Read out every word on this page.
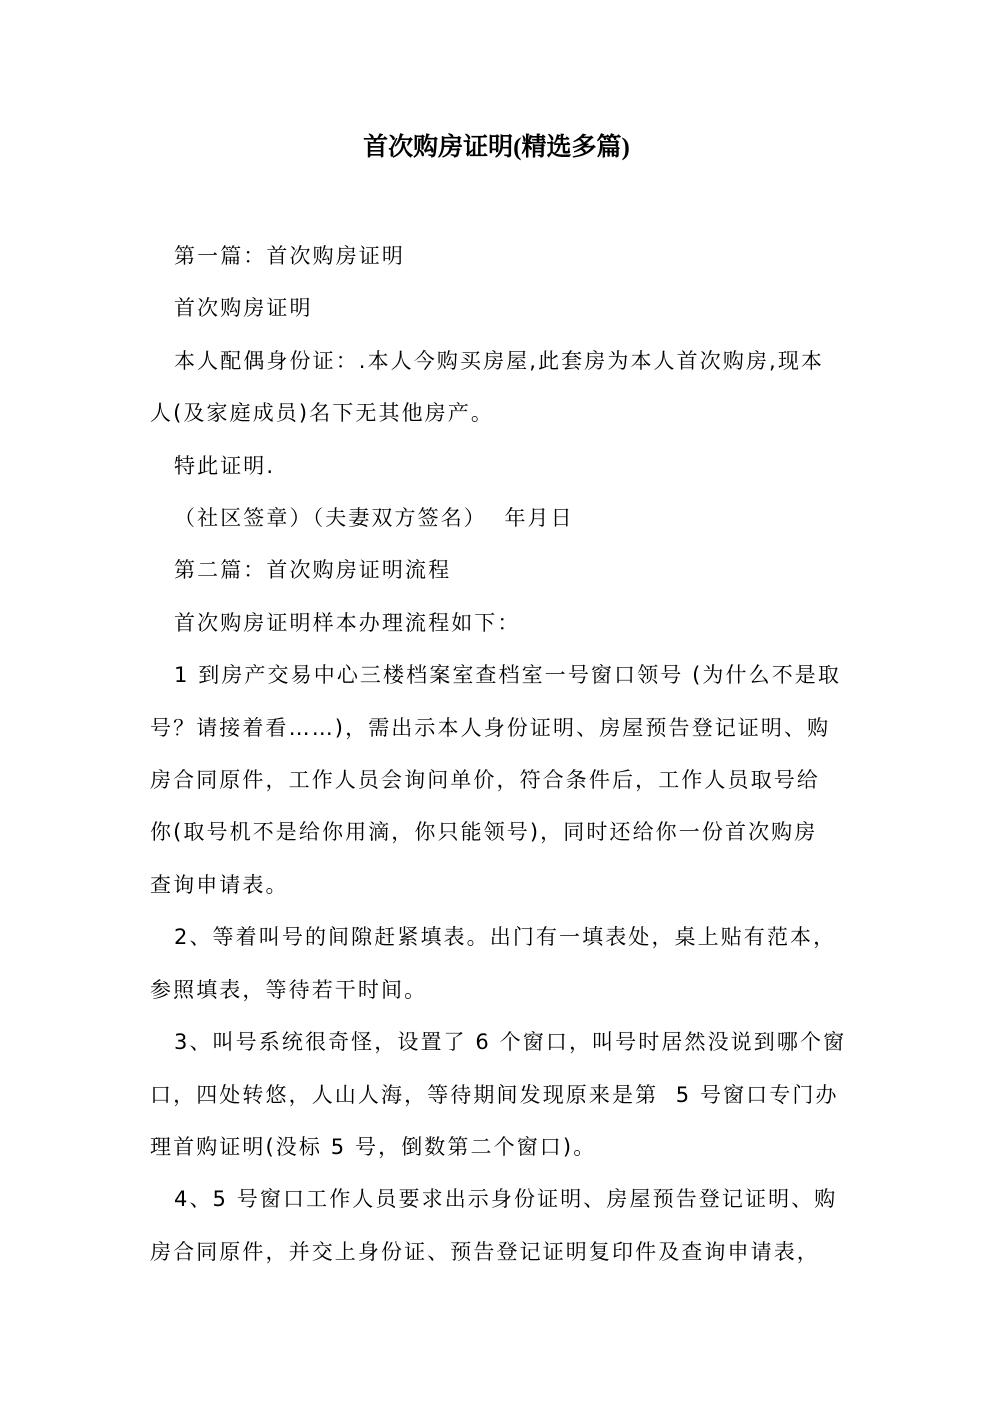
首次购房证明(精选多篇)
第一篇：首次购房证明
首次购房证明
本人配偶身份证：.本人今购买房屋,此套房为本人首次购房,现本
人(及家庭成员)名下无其他房产。
特此证明.
（社区签章）（夫妻双方签名）  年月日
第二篇：首次购房证明流程
首次购房证明样本办理流程如下：
1 到房产交易中心三楼档案室查档室一号窗口领号 (为什么不是取
号？请接着看……)，需出示本人身份证明、房屋预告登记证明、购
房合同原件，工作人员会询问单价，符合条件后，工作人员取号给
你(取号机不是给你用滴，你只能领号)，同时还给你一份首次购房
查询申请表。
2、等着叫号的间隙赶紧填表。出门有一填表处，桌上贴有范本，
参照填表，等待若干时间。
3、叫号系统很奇怪，设置了 6 个窗口，叫号时居然没说到哪个窗
口，四处转悠，人山人海，等待期间发现原来是第  5 号窗口专门办
理首购证明(没标 5 号，倒数第二个窗口)。
4、5 号窗口工作人员要求出示身份证明、房屋预告登记证明、购
房合同原件，并交上身份证、预告登记证明复印件及查询申请表，
